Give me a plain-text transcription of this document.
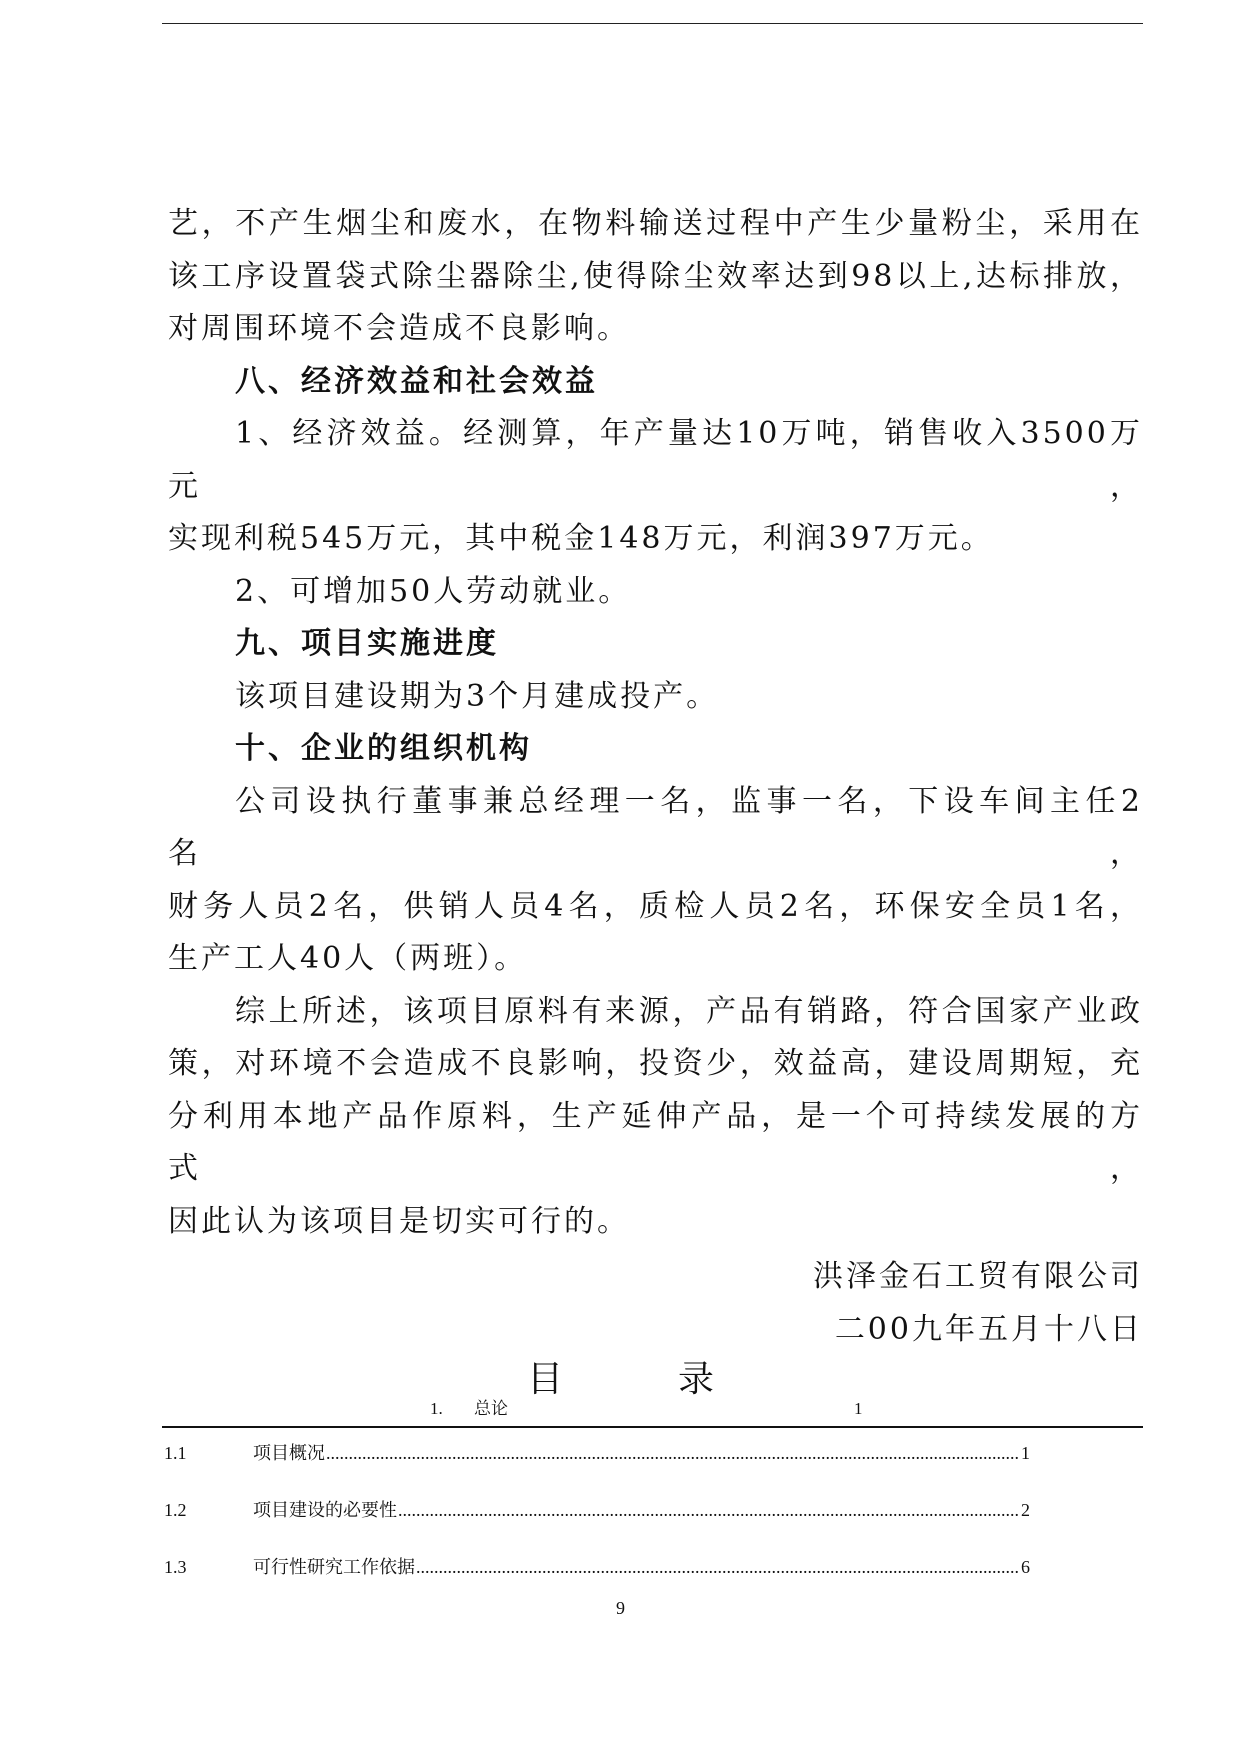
艺，不产生烟尘和废水，在物料输送过程中产生少量粉尘，采用在

该工序设置袋式除尘器除尘,使得除尘效率达到98以上,达标排放，

对周围环境不会造成不良影响。

八、经济效益和社会效益

1、经济效益。经测算，年产量达10万吨，销售收入3500万元，

实现利税545万元，其中税金148万元，利润397万元。

2、可增加50人劳动就业。

九、项目实施进度

该项目建设期为3个月建成投产。

十、企业的组织机构

公司设执行董事兼总经理一名，监事一名，下设车间主任2名，

财务人员2名，供销人员4名，质检人员2名，环保安全员1名，

生产工人40人（两班）。

综上所述，该项目原料有来源，产品有销路，符合国家产业政

策，对环境不会造成不良影响，投资少，效益高，建设周期短，充

分利用本地产品作原料，生产延伸产品，是一个可持续发展的方式，

因此认为该项目是切实可行的。

洪泽金石工贸有限公司
二00九年五月十八日
目	录
1. 总论	1
1.1	项目概况 .....	1
1.2	项目建设的必要性 .....	2
1.3	可行性研究工作依据 .....	6
9
